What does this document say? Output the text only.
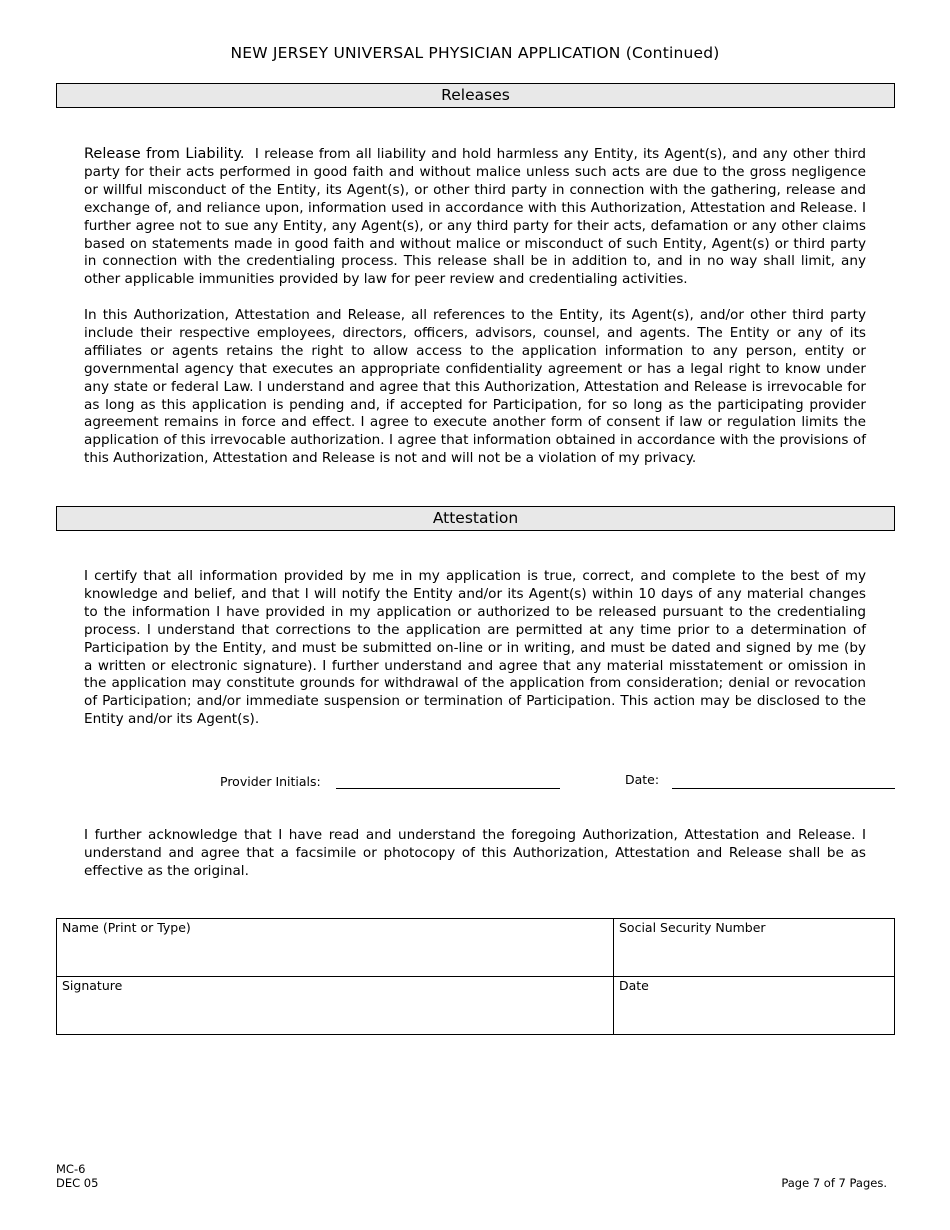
NEW JERSEY UNIVERSAL PHYSICIAN APPLICATION (Continued)
Releases

Release from Liability. I release from all liability and hold harmless any Entity, its Agent(s), and any other third party for their acts performed in good faith and without malice unless such acts are due to the gross negligence or willful misconduct of the Entity, its Agent(s), or other third party in connection with the gathering, release and exchange of, and reliance upon, information used in accordance with this Authorization, Attestation and Release. I further agree not to sue any Entity, any Agent(s), or any third party for their acts, defamation or any other claims based on statements made in good faith and without malice or misconduct of such Entity, Agent(s) or third party in connection with the credentialing process. This release shall be in addition to, and in no way shall limit, any other applicable immunities provided by law for peer review and credentialing activities.

In this Authorization, Attestation and Release, all references to the Entity, its Agent(s), and/or other third party include their respective employees, directors, officers, advisors, counsel, and agents. The Entity or any of its affiliates or agents retains the right to allow access to the application information to any person, entity or governmental agency that executes an appropriate confidentiality agreement or has a legal right to know under any state or federal Law. I understand and agree that this Authorization, Attestation and Release is irrevocable for as long as this application is pending and, if accepted for Participation, for so long as the participating provider agreement remains in force and effect. I agree to execute another form of consent if law or regulation limits the application of this irrevocable authorization. I agree that information obtained in accordance with the provisions of this Authorization, Attestation and Release is not and will not be a violation of my privacy.

Attestation

I certify that all information provided by me in my application is true, correct, and complete to the best of my knowledge and belief, and that I will notify the Entity and/or its Agent(s) within 10 days of any material changes to the information I have provided in my application or authorized to be released pursuant to the credentialing process. I understand that corrections to the application are permitted at any time prior to a determination of Participation by the Entity, and must be submitted on-line or in writing, and must be dated and signed by me (by a written or electronic signature). I further understand and agree that any material misstatement or omission in the application may constitute grounds for withdrawal of the application from consideration; denial or revocation of Participation; and/or immediate suspension or termination of Participation. This action may be disclosed to the Entity and/or its Agent(s).

Provider Initials:	Date:

I further acknowledge that I have read and understand the foregoing Authorization, Attestation and Release. I understand and agree that a facsimile or photocopy of this Authorization, Attestation and Release shall be as effective as the original.

Name (Print or Type)	Social Security Number
Signature	Date
MC-6
DEC 05	Page 7 of 7 Pages.
